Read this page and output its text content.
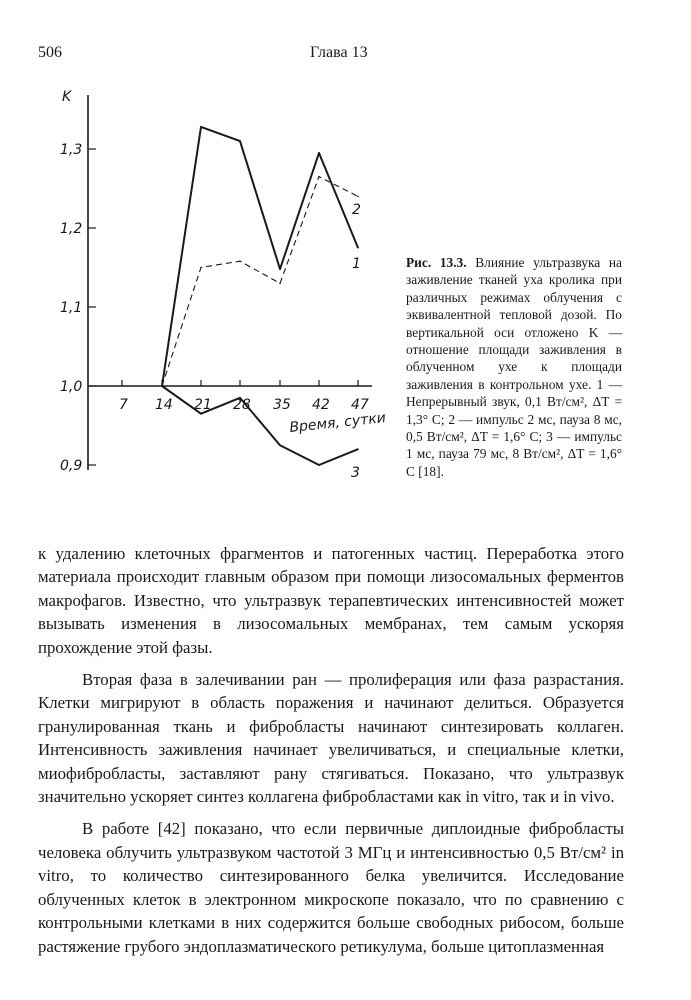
506	Глава 13
1,0
1,1
1,2
1,3
0,9
K
7 14 21 28 35 42 47
Время, сутки
1
2
3
Рис. 13.3. Влияние ультразвука на заживление тканей уха кролика при различных режимах облучения с эквивалентной тепловой дозой. По вертикальной оси отложено K — отношение площади заживления в облученном ухе к площади заживления в контрольном ухе. 1 — Непрерывный звук, 0,1 Вт/см², ΔT = 1,3° C; 2 — импульс 2 мс, пауза 8 мс, 0,5 Вт/см², ΔT = 1,6° C; 3 — импульс 1 мс, пауза 79 мс, 8 Вт/см², ΔT = 1,6° C [18].

к удалению клеточных фрагментов и патогенных частиц. Переработка этого материала происходит главным образом при помощи лизосомальных ферментов макрофагов. Известно, что ультразвук терапевтических интенсивностей может вызывать изменения в лизосомальных мембранах, тем самым ускоряя прохождение этой фазы.

Вторая фаза в залечивании ран — пролиферация или фаза разрастания. Клетки мигрируют в область поражения и начинают делиться. Образуется гранулированная ткань и фибробласты начинают синтезировать коллаген. Интенсивность заживления начинает увеличиваться, и специальные клетки, миофибробласты, заставляют рану стягиваться. Показано, что ультразвук значительно ускоряет синтез коллагена фибробластами как in vitro, так и in vivo.

В работе [42] показано, что если первичные диплоидные фибробласты человека облучить ультразвуком частотой 3 МГц и интенсивностью 0,5 Вт/см² in vitro, то количество синтезированного белка увеличится. Исследование облученных клеток в электронном микроскопе показало, что по сравнению с контрольными клетками в них содержится больше свободных рибосом, больше растяжение грубого эндоплазматического ретикулума, больше цитоплазменная
